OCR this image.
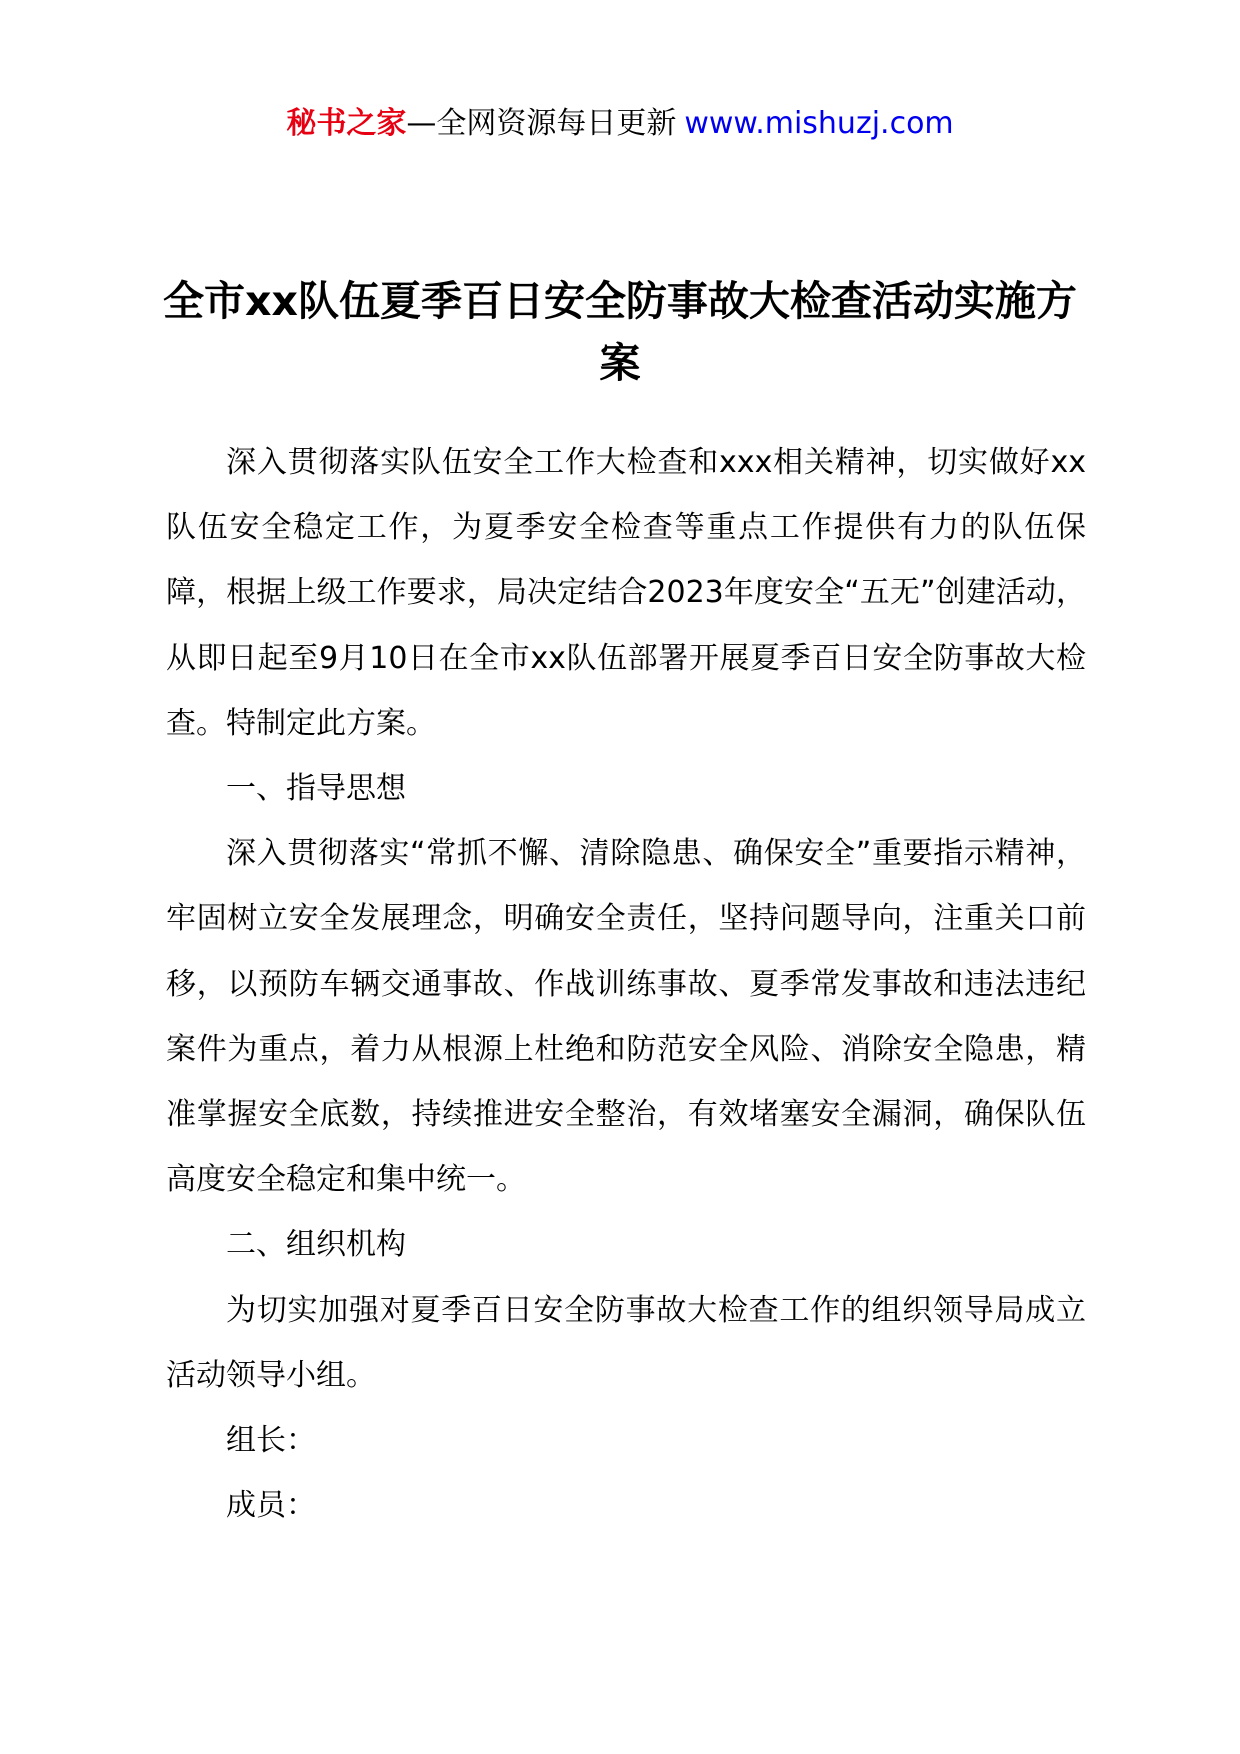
秘书之家—全网资源每日更新 www.mishuzj.com
全市xx队伍夏季百日安全防事故大检查活动实施方案

深入贯彻落实队伍安全工作大检查和xxx相关精神，切实做好xx队伍安全稳定工作，为夏季安全检查等重点工作提供有力的队伍保障，根据上级工作要求，局决定结合2023年度安全“五无”创建活动，从即日起至9月10日在全市xx队伍部署开展夏季百日安全防事故大检查。特制定此方案。

一、指导思想

深入贯彻落实“常抓不懈、清除隐患、确保安全”重要指示精神，牢固树立安全发展理念，明确安全责任，坚持问题导向，注重关口前移，以预防车辆交通事故、作战训练事故、夏季常发事故和违法违纪案件为重点，着力从根源上杜绝和防范安全风险、消除安全隐患，精准掌握安全底数，持续推进安全整治，有效堵塞安全漏洞，确保队伍高度安全稳定和集中统一。

二、组织机构

为切实加强对夏季百日安全防事故大检查工作的组织领导局成立活动领导小组。

组长：

成员：
